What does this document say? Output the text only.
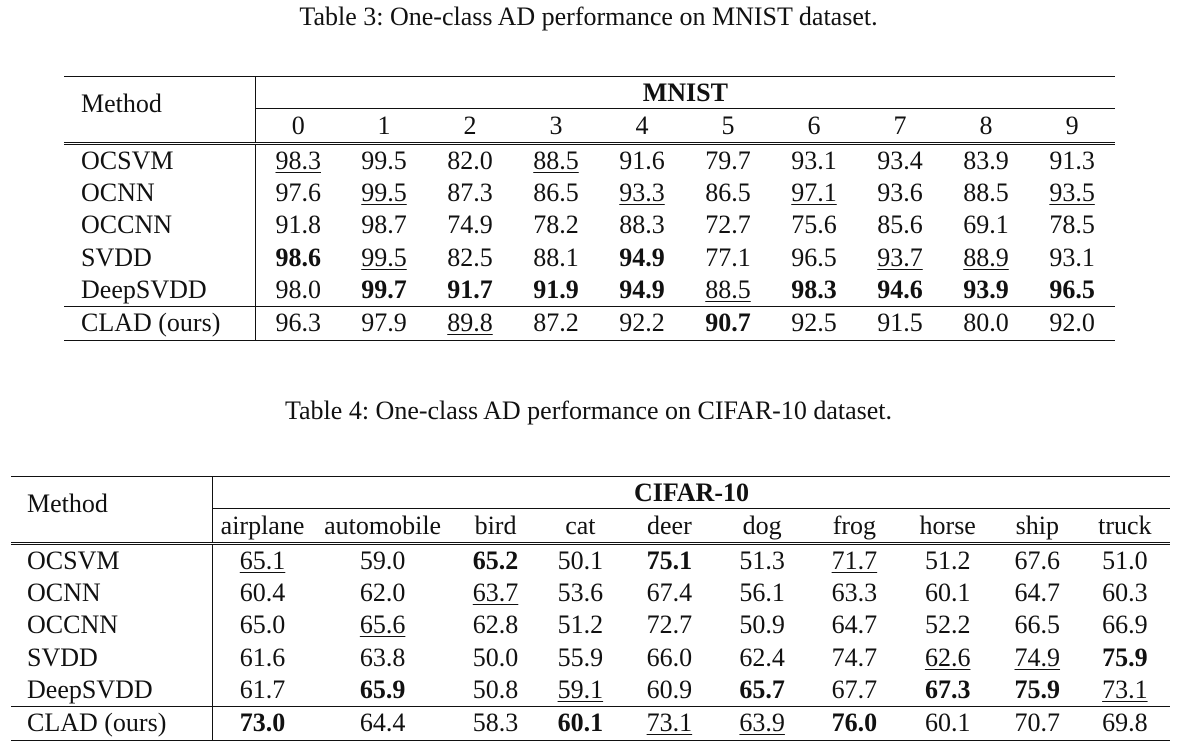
Table 3: One-class AD performance on MNIST dataset.
Method	MNIST									
	0	1	2	3	4	5	6	7	8	9
OCSVM	98.3	99.5	82.0	88.5	91.6	79.7	93.1	93.4	83.9	91.3
OCNN	97.6	99.5	87.3	86.5	93.3	86.5	97.1	93.6	88.5	93.5
OCCNN	91.8	98.7	74.9	78.2	88.3	72.7	75.6	85.6	69.1	78.5
SVDD	98.6	99.5	82.5	88.1	94.9	77.1	96.5	93.7	88.9	93.1
DeepSVDD	98.0	99.7	91.7	91.9	94.9	88.5	98.3	94.6	93.9	96.5
CLAD (ours)	96.3	97.9	89.8	87.2	92.2	90.7	92.5	91.5	80.0	92.0
Table 4: One-class AD performance on CIFAR-10 dataset.
Method	CIFAR-10									
	airplane	automobile	bird	cat	deer	dog	frog	horse	ship	truck
OCSVM	65.1	59.0	65.2	50.1	75.1	51.3	71.7	51.2	67.6	51.0
OCNN	60.4	62.0	63.7	53.6	67.4	56.1	63.3	60.1	64.7	60.3
OCCNN	65.0	65.6	62.8	51.2	72.7	50.9	64.7	52.2	66.5	66.9
SVDD	61.6	63.8	50.0	55.9	66.0	62.4	74.7	62.6	74.9	75.9
DeepSVDD	61.7	65.9	50.8	59.1	60.9	65.7	67.7	67.3	75.9	73.1
CLAD (ours)	73.0	64.4	58.3	60.1	73.1	63.9	76.0	60.1	70.7	69.8
